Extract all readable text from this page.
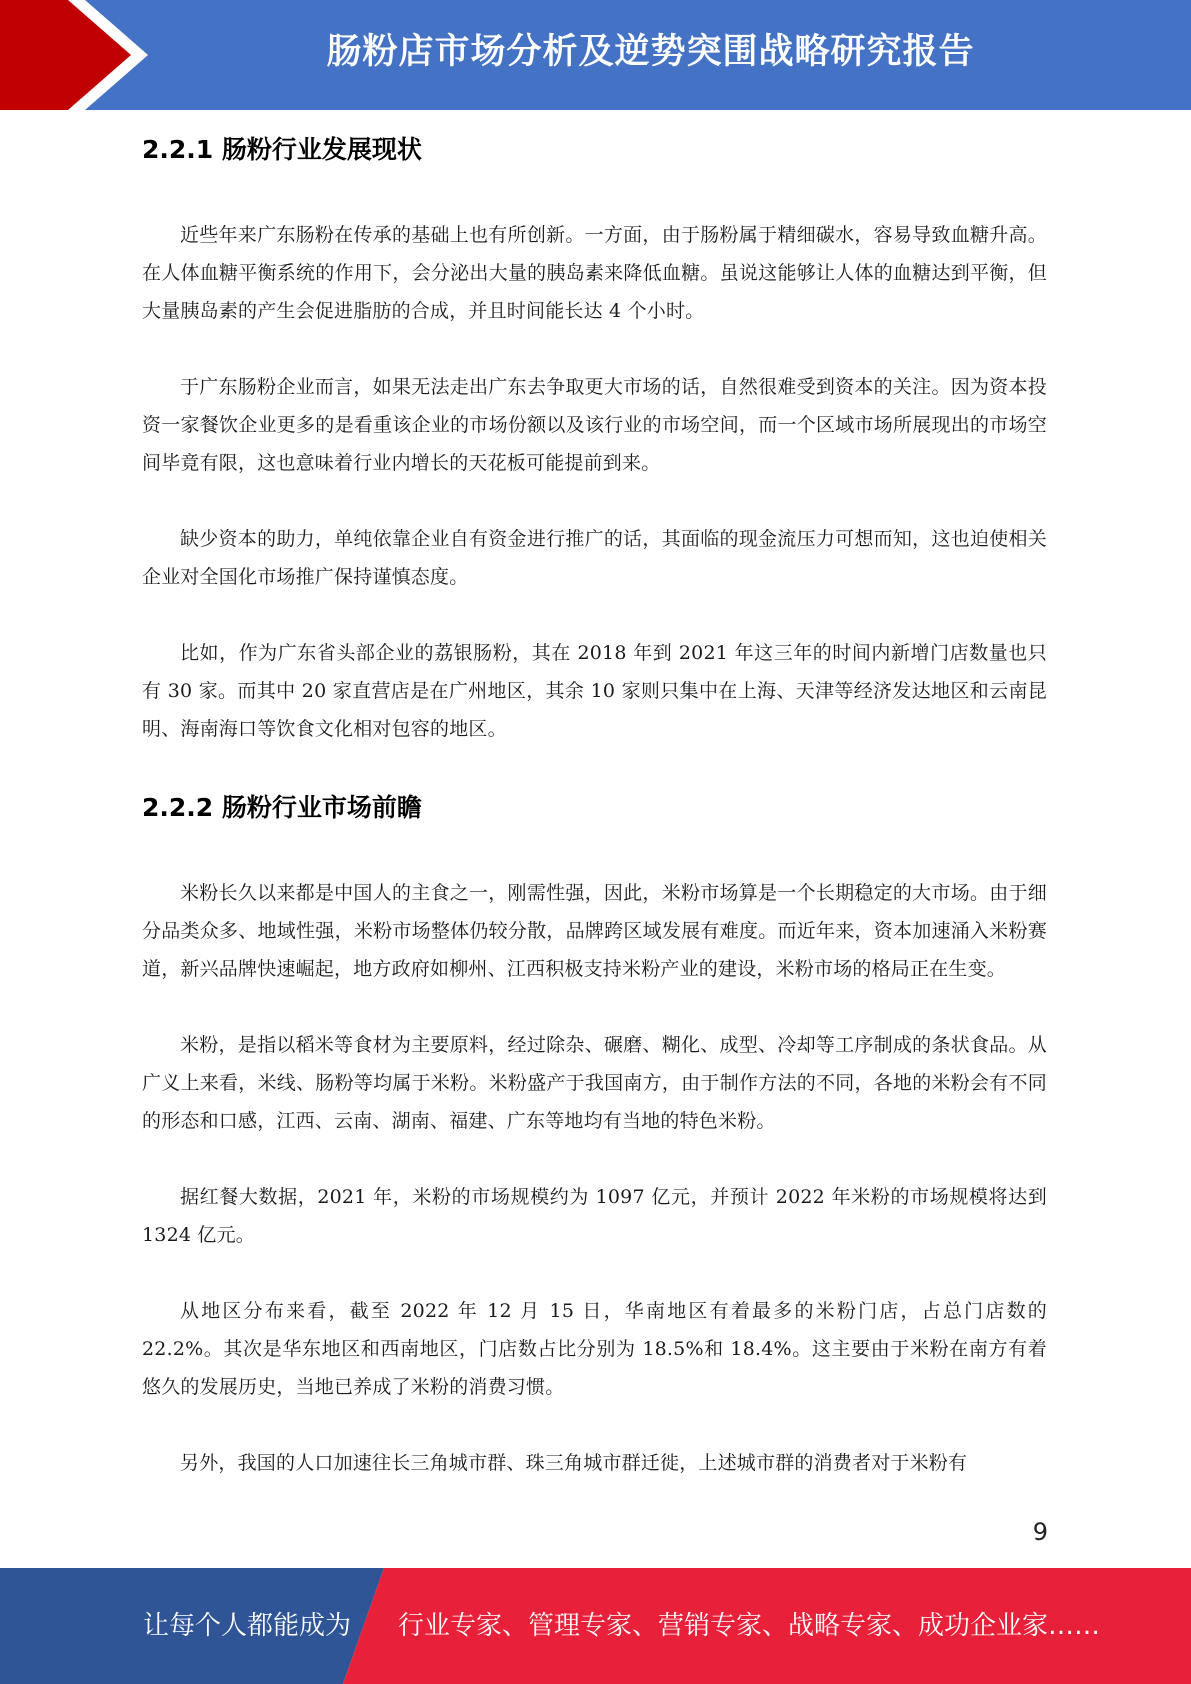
肠粉店市场分析及逆势突围战略研究报告
2.2.1 肠粉行业发展现状

近些年来广东肠粉在传承的基础上也有所创新。一方面，由于肠粉属于精细碳水，容易导致血糖升高。在人体血糖平衡系统的作用下，会分泌出大量的胰岛素来降低血糖。虽说这能够让人体的血糖达到平衡，但大量胰岛素的产生会促进脂肪的合成，并且时间能长达 4 个小时。

于广东肠粉企业而言，如果无法走出广东去争取更大市场的话，自然很难受到资本的关注。因为资本投资一家餐饮企业更多的是看重该企业的市场份额以及该行业的市场空间，而一个区域市场所展现出的市场空间毕竟有限，这也意味着行业内增长的天花板可能提前到来。

缺少资本的助力，单纯依靠企业自有资金进行推广的话，其面临的现金流压力可想而知，这也迫使相关企业对全国化市场推广保持谨慎态度。

比如，作为广东省头部企业的荔银肠粉，其在 2018 年到 2021 年这三年的时间内新增门店数量也只有 30 家。而其中 20 家直营店是在广州地区，其余 10 家则只集中在上海、天津等经济发达地区和云南昆明、海南海口等饮食文化相对包容的地区。

2.2.2 肠粉行业市场前瞻

米粉长久以来都是中国人的主食之一，刚需性强，因此，米粉市场算是一个长期稳定的大市场。由于细分品类众多、地域性强，米粉市场整体仍较分散，品牌跨区域发展有难度。而近年来，资本加速涌入米粉赛道，新兴品牌快速崛起，地方政府如柳州、江西积极支持米粉产业的建设，米粉市场的格局正在生变。

米粉，是指以稻米等食材为主要原料，经过除杂、碾磨、糊化、成型、冷却等工序制成的条状食品。从广义上来看，米线、肠粉等均属于米粉。米粉盛产于我国南方，由于制作方法的不同，各地的米粉会有不同的形态和口感，江西、云南、湖南、福建、广东等地均有当地的特色米粉。

据红餐大数据，2021 年，米粉的市场规模约为 1097 亿元，并预计 2022 年米粉的市场规模将达到 1324 亿元。

从地区分布来看，截至 2022 年 12 月 15 日，华南地区有着最多的米粉门店，占总门店数的 22.2%。其次是华东地区和西南地区，门店数占比分别为 18.5%和 18.4%。这主要由于米粉在南方有着悠久的发展历史，当地已养成了米粉的消费习惯。

另外，我国的人口加速往长三角城市群、珠三角城市群迁徙，上述城市群的消费者对于米粉有

9
让每个人都能成为 行业专家、管理专家、营销专家、战略专家、成功企业家……
